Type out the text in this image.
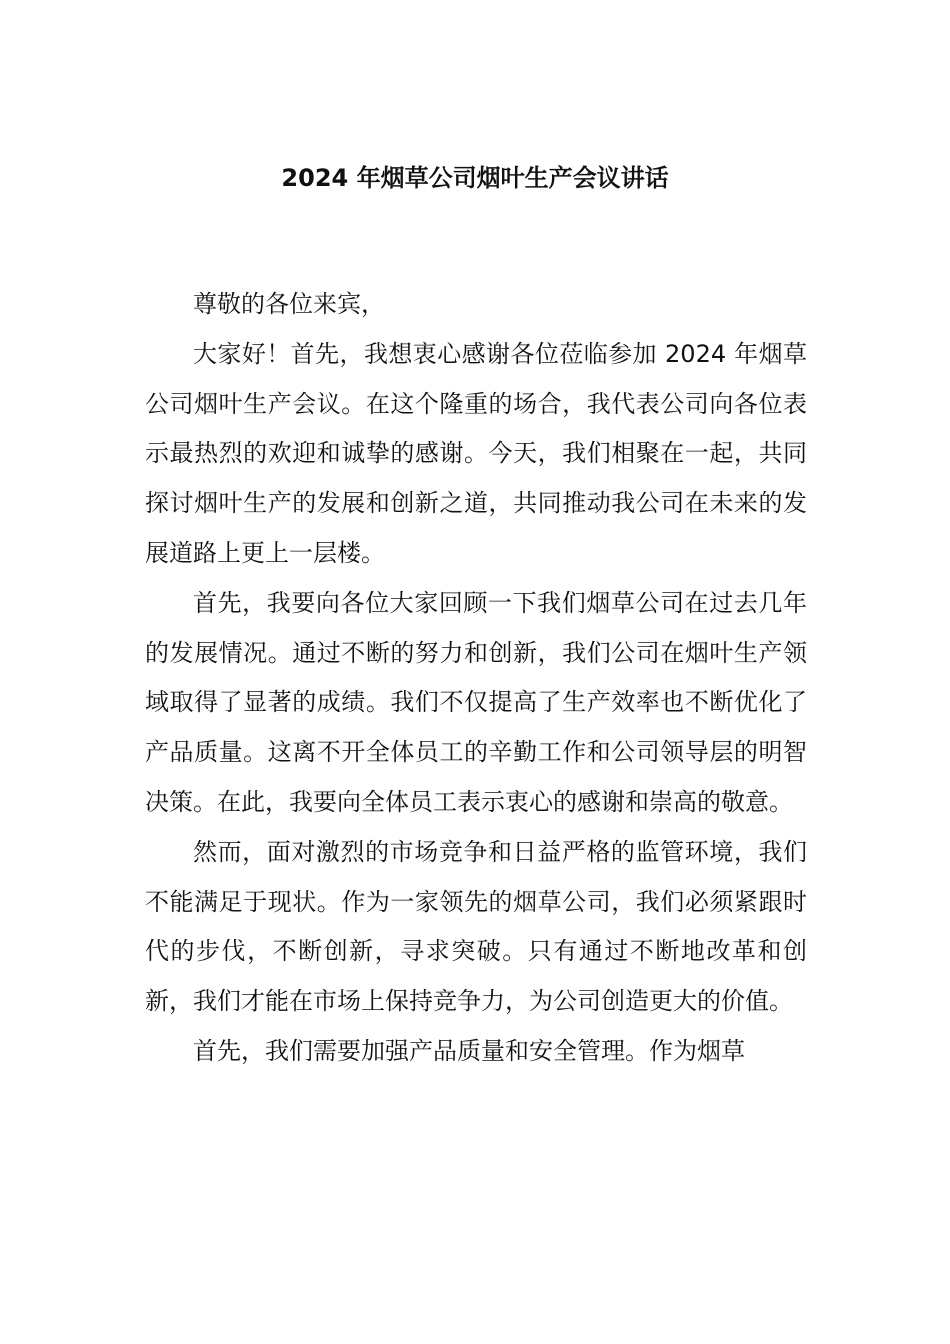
2024 年烟草公司烟叶生产会议讲话

尊敬的各位来宾，

大家好！首先，我想衷心感谢各位莅临参加 2024 年烟草公司烟叶生产会议。在这个隆重的场合，我代表公司向各位表示最热烈的欢迎和诚挚的感谢。今天，我们相聚在一起，共同探讨烟叶生产的发展和创新之道，共同推动我公司在未来的发展道路上更上一层楼。

首先，我要向各位大家回顾一下我们烟草公司在过去几年的发展情况。通过不断的努力和创新，我们公司在烟叶生产领域取得了显著的成绩。我们不仅提高了生产效率也不断优化了产品质量。这离不开全体员工的辛勤工作和公司领导层的明智决策。在此，我要向全体员工表示衷心的感谢和崇高的敬意。

然而，面对激烈的市场竞争和日益严格的监管环境，我们不能满足于现状。作为一家领先的烟草公司，我们必须紧跟时代的步伐，不断创新，寻求突破。只有通过不断地改革和创新，我们才能在市场上保持竞争力，为公司创造更大的价值。

首先，我们需要加强产品质量和安全管理。作为烟草
